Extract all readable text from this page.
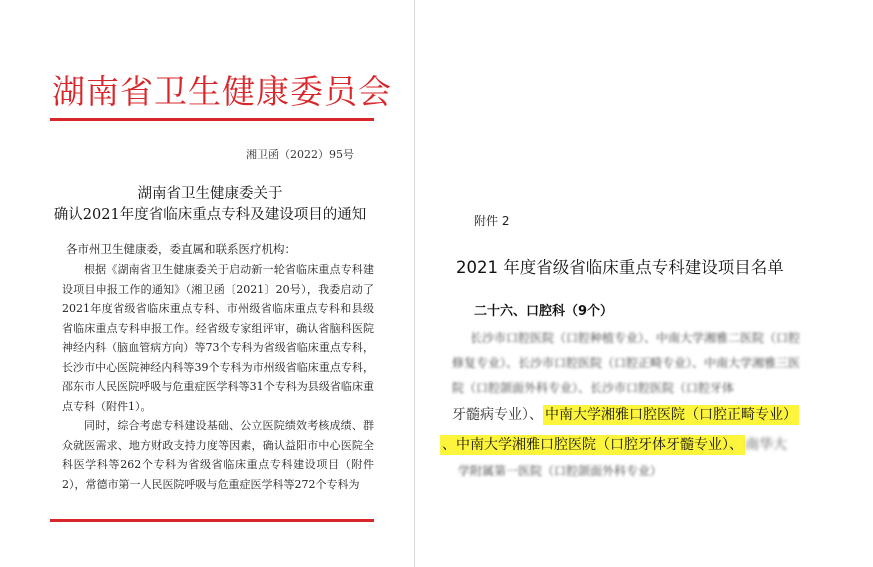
湖南省卫生健康委员会
湘卫函（2022）95号
湖南省卫生健康委关于
确认2021年度省临床重点专科及建设项目的通知
各市州卫生健康委，委直属和联系医疗机构：

根据《湖南省卫生健康委关于启动新一轮省临床重点专科建设项目申报工作的通知》（湘卫函〔2021〕20号），我委启动了2021年度省级省临床重点专科、市州级省临床重点专科和县级省临床重点专科申报工作。经省级专家组评审，确认省脑科医院神经内科（脑血管病方向）等73个专科为省级省临床重点专科，长沙市中心医院神经内科等39个专科为市州级省临床重点专科，邵东市人民医院呼吸与危重症医学科等31个专科为县级省临床重点专科（附件1）。

同时，综合考虑专科建设基础、公立医院绩效考核成绩、群众就医需求、地方财政支持力度等因素，确认益阳市中心医院全科医学科等262个专科为省级省临床重点专科建设项目（附件2），常德市第一人民医院呼吸与危重症医学科等272个专科为

附件 2
2021 年度省级省临床重点专科建设项目名单
二十六、口腔科（9个）
长沙市口腔医院（口腔种植专业）、中南大学湘雅二医院（口腔
修复专业）、长沙市口腔医院（口腔正畸专业）、中南大学湘雅三医
院（口腔颌面外科专业）、长沙市口腔医院（口腔牙体
牙髓病专业）、 中南大学湘雅口腔医院（口腔正畸专业）
、中南大学湘雅口腔医院（口腔牙体牙髓专业）、 南华大
学附属第一医院（口腔颌面外科专业）
